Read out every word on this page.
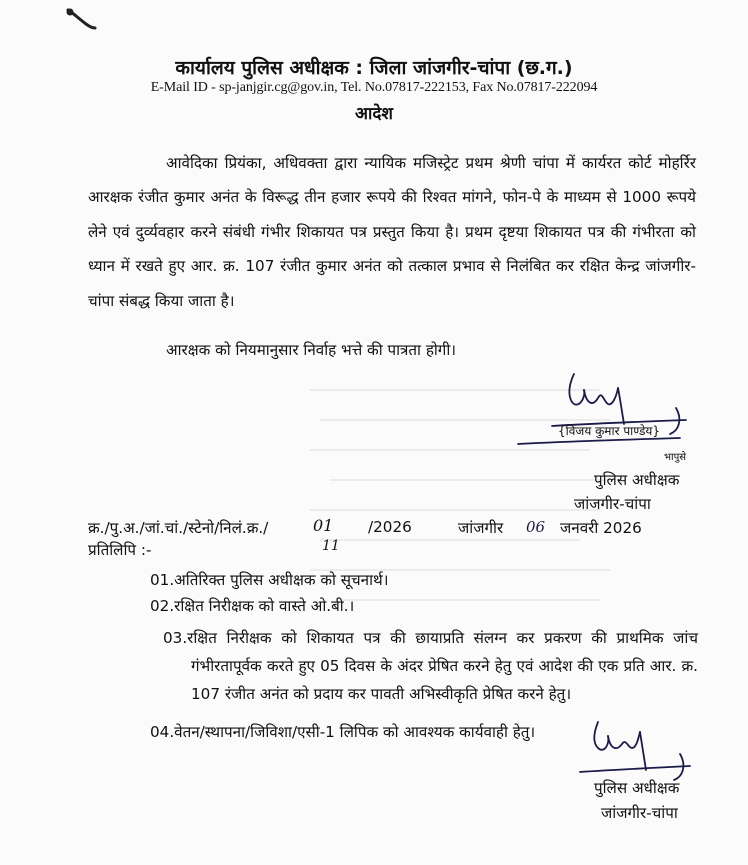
कार्यालय पुलिस अधीक्षक : जिला जांजगीर-चांपा (छ.ग.)
E-Mail ID - sp-janjgir.cg@gov.in, Tel. No.07817-222153, Fax No.07817-222094
आदेश
आवेदिका प्रियंका, अधिवक्ता द्वारा न्यायिक मजिस्ट्रेट प्रथम श्रेणी चांपा में कार्यरत कोर्ट मोहर्रिर आरक्षक रंजीत कुमार अनंत के विरूद्ध तीन हजार रूपये की रिश्वत मांगने, फोन-पे के माध्यम से 1000 रूपये लेने एवं दुर्व्यवहार करने संबंधी गंभीर शिकायत पत्र प्रस्तुत किया है। प्रथम दृष्टया शिकायत पत्र की गंभीरता को ध्यान में रखते हुए आर. क्र. 107 रंजीत कुमार अनंत को तत्काल प्रभाव से निलंबित कर रक्षित केन्द्र जांजगीर-चांपा संबद्ध किया जाता है।
आरक्षक को नियमानुसार निर्वाह भत्ते की पात्रता होगी।
{विजय कुमार पाण्डेय}
भापुसे
पुलिस अधीक्षक
जांजगीर-चांपा
क्र./पु.अ./जां.चां./स्टेनो/निलं.क्र./	01
11
/2026	जांजगीर 06 जनवरी 2026
प्रतिलिपि :-
01.अतिरिक्त पुलिस अधीक्षक को सूचनार्थ।
02.रक्षित निरीक्षक को वास्ते ओ.बी.।
03.रक्षित निरीक्षक को शिकायत पत्र की छायाप्रति संलग्न कर प्रकरण की प्राथमिक जांच गंभीरतापूर्वक करते हुए 05 दिवस के अंदर प्रेषित करने हेतु एवं आदेश की एक प्रति आर. क्र. 107 रंजीत अनंत को प्रदाय कर पावती अभिस्वीकृति प्रेषित करने हेतु।
04.वेतन/स्थापना/जिविशा/एसी-1 लिपिक को आवश्यक कार्यवाही हेतु।
पुलिस अधीक्षक
जांजगीर-चांपा
